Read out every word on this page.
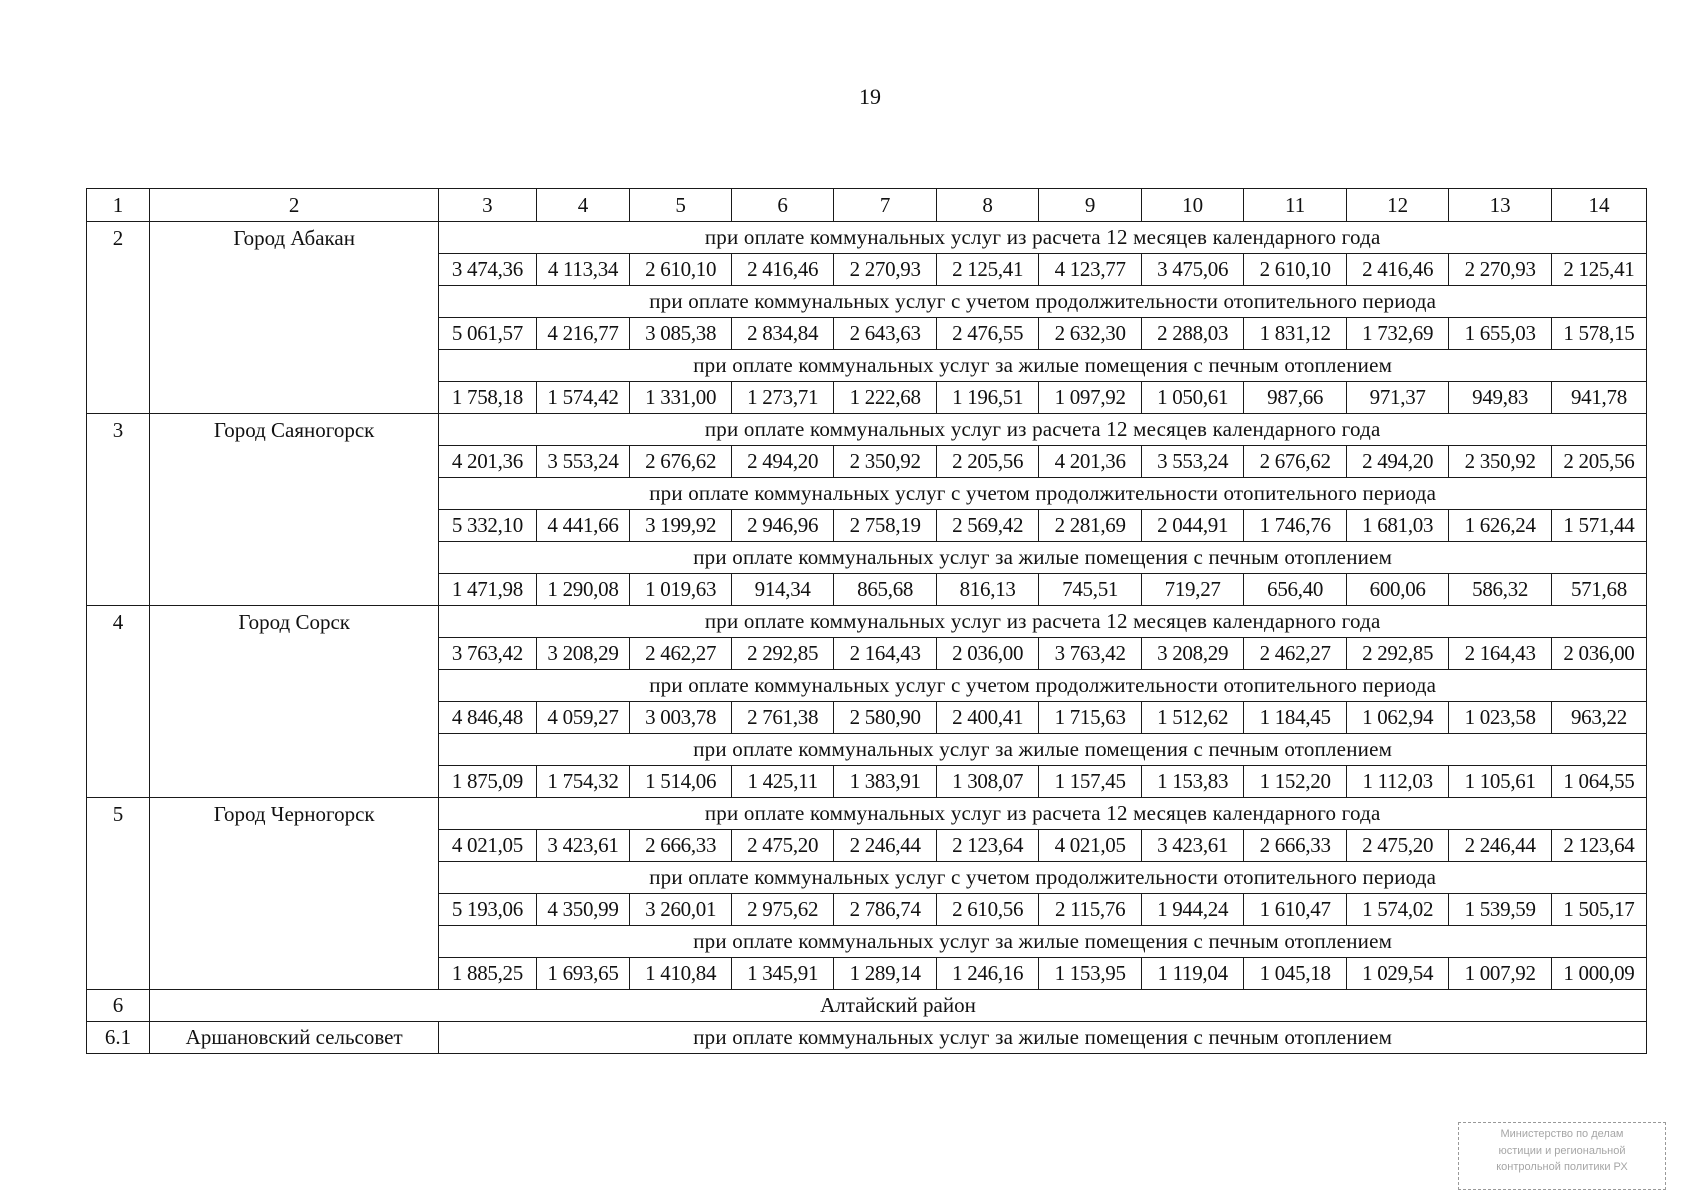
19
1	2	3	4	5	6	7	8	9	10	11	12	13	14
2	Город Абакан	при оплате коммунальных услуг из расчета 12 месяцев календарного года											
		3 474,36	4 113,34	2 610,10	2 416,46	2 270,93	2 125,41	4 123,77	3 475,06	2 610,10	2 416,46	2 270,93	2 125,41
		при оплате коммунальных услуг с учетом продолжительности отопительного периода											
		5 061,57	4 216,77	3 085,38	2 834,84	2 643,63	2 476,55	2 632,30	2 288,03	1 831,12	1 732,69	1 655,03	1 578,15
		при оплате коммунальных услуг за жилые помещения с печным отоплением											
		1 758,18	1 574,42	1 331,00	1 273,71	1 222,68	1 196,51	1 097,92	1 050,61	987,66	971,37	949,83	941,78
3	Город Саяногорск	при оплате коммунальных услуг из расчета 12 месяцев календарного года											
		4 201,36	3 553,24	2 676,62	2 494,20	2 350,92	2 205,56	4 201,36	3 553,24	2 676,62	2 494,20	2 350,92	2 205,56
		при оплате коммунальных услуг с учетом продолжительности отопительного периода											
		5 332,10	4 441,66	3 199,92	2 946,96	2 758,19	2 569,42	2 281,69	2 044,91	1 746,76	1 681,03	1 626,24	1 571,44
		при оплате коммунальных услуг за жилые помещения с печным отоплением											
		1 471,98	1 290,08	1 019,63	914,34	865,68	816,13	745,51	719,27	656,40	600,06	586,32	571,68
4	Город Сорск	при оплате коммунальных услуг из расчета 12 месяцев календарного года											
		3 763,42	3 208,29	2 462,27	2 292,85	2 164,43	2 036,00	3 763,42	3 208,29	2 462,27	2 292,85	2 164,43	2 036,00
		при оплате коммунальных услуг с учетом продолжительности отопительного периода											
		4 846,48	4 059,27	3 003,78	2 761,38	2 580,90	2 400,41	1 715,63	1 512,62	1 184,45	1 062,94	1 023,58	963,22
		при оплате коммунальных услуг за жилые помещения с печным отоплением											
		1 875,09	1 754,32	1 514,06	1 425,11	1 383,91	1 308,07	1 157,45	1 153,83	1 152,20	1 112,03	1 105,61	1 064,55
5	Город Черногорск	при оплате коммунальных услуг из расчета 12 месяцев календарного года											
		4 021,05	3 423,61	2 666,33	2 475,20	2 246,44	2 123,64	4 021,05	3 423,61	2 666,33	2 475,20	2 246,44	2 123,64
		при оплате коммунальных услуг с учетом продолжительности отопительного периода											
		5 193,06	4 350,99	3 260,01	2 975,62	2 786,74	2 610,56	2 115,76	1 944,24	1 610,47	1 574,02	1 539,59	1 505,17
		при оплате коммунальных услуг за жилые помещения с печным отоплением											
		1 885,25	1 693,65	1 410,84	1 345,91	1 289,14	1 246,16	1 153,95	1 119,04	1 045,18	1 029,54	1 007,92	1 000,09
6	Алтайский район												
6.1	Аршановский сельсовет	при оплате коммунальных услуг за жилые помещения с печным отоплением											
Министерство по делам
юстиции и региональной
контрольной политики РХ
